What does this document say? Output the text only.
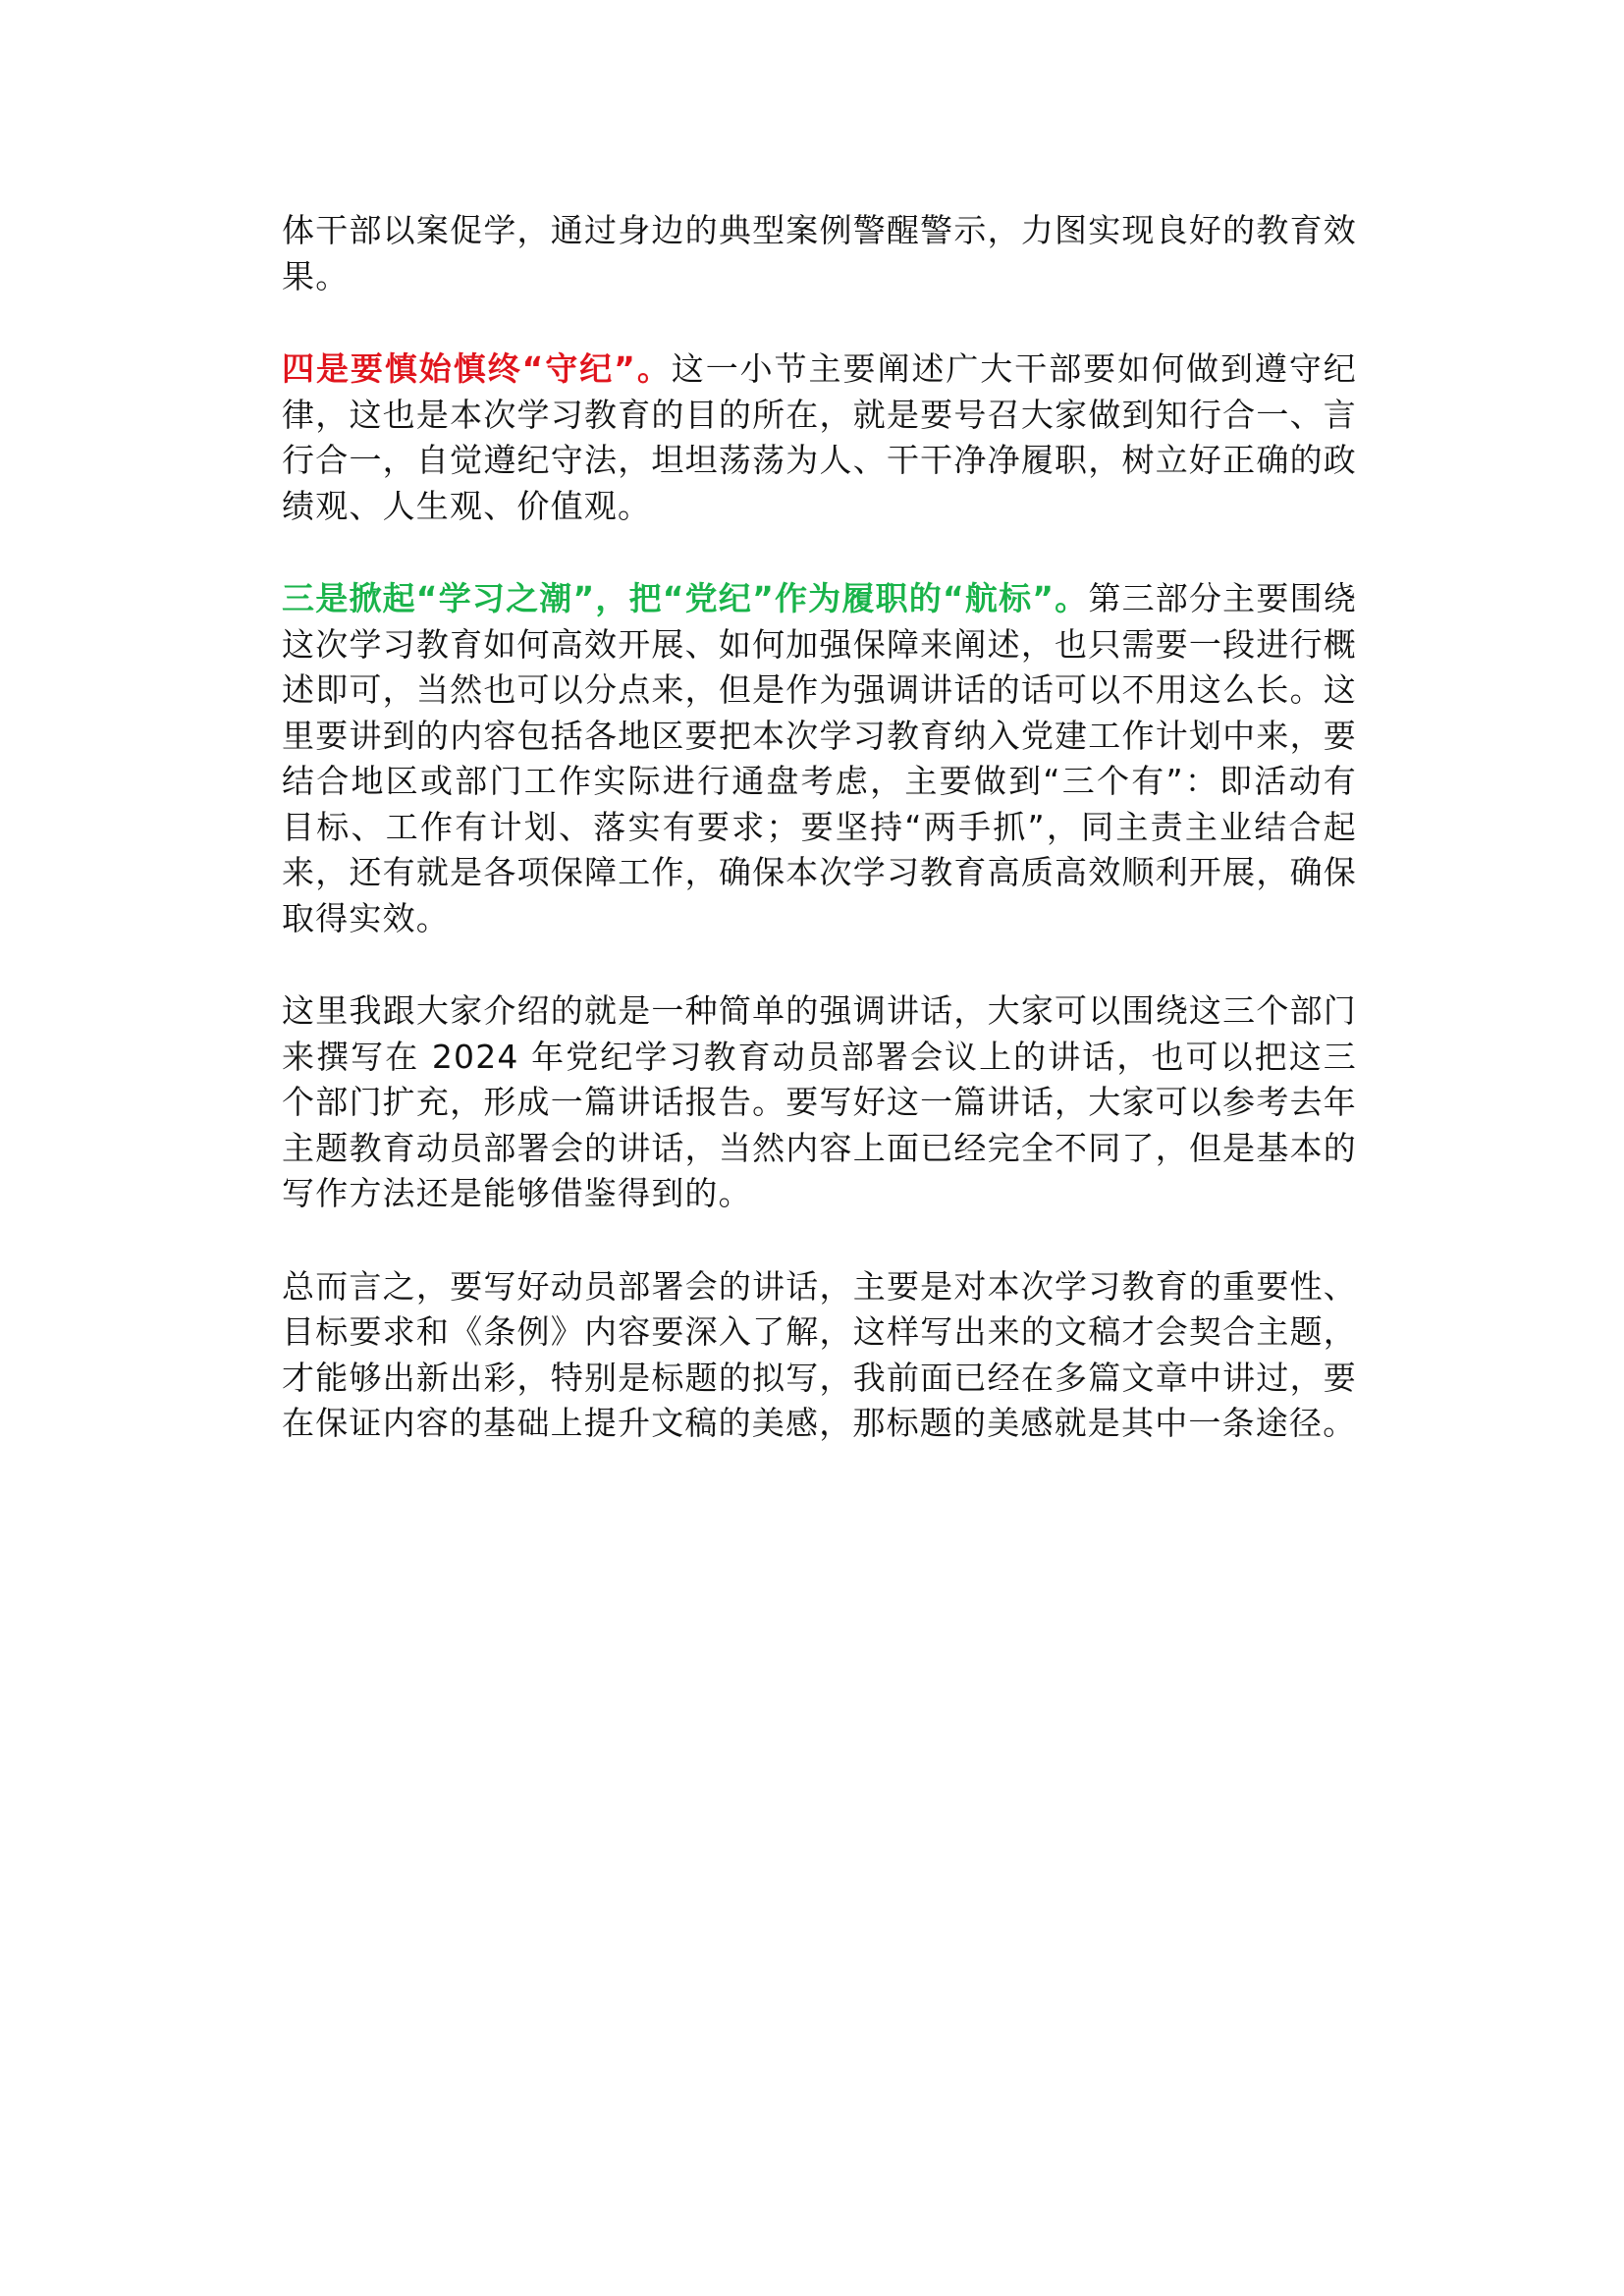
体干部以案促学，通过身边的典型案例警醒警示，力图实现良好的教育效果。

四是要慎始慎终“守纪”。这一小节主要阐述广大干部要如何做到遵守纪律，这也是本次学习教育的目的所在，就是要号召大家做到知行合一、言行合一，自觉遵纪守法，坦坦荡荡为人、干干净净履职，树立好正确的政绩观、人生观、价值观。

三是掀起“学习之潮”，把“党纪”作为履职的“航标”。第三部分主要围绕这次学习教育如何高效开展、如何加强保障来阐述，也只需要一段进行概述即可，当然也可以分点来，但是作为强调讲话的话可以不用这么长。这里要讲到的内容包括各地区要把本次学习教育纳入党建工作计划中来，要结合地区或部门工作实际进行通盘考虑，主要做到“三个有”：即活动有目标、工作有计划、落实有要求；要坚持“两手抓”，同主责主业结合起来，还有就是各项保障工作，确保本次学习教育高质高效顺利开展，确保取得实效。

这里我跟大家介绍的就是一种简单的强调讲话，大家可以围绕这三个部门来撰写在 2024 年党纪学习教育动员部署会议上的讲话，也可以把这三个部门扩充，形成一篇讲话报告。要写好这一篇讲话，大家可以参考去年主题教育动员部署会的讲话，当然内容上面已经完全不同了，但是基本的写作方法还是能够借鉴得到的。

总而言之，要写好动员部署会的讲话，主要是对本次学习教育的重要性、目标要求和《条例》内容要深入了解，这样写出来的文稿才会契合主题，才能够出新出彩，特别是标题的拟写，我前面已经在多篇文章中讲过，要在保证内容的基础上提升文稿的美感，那标题的美感就是其中一条途径。
